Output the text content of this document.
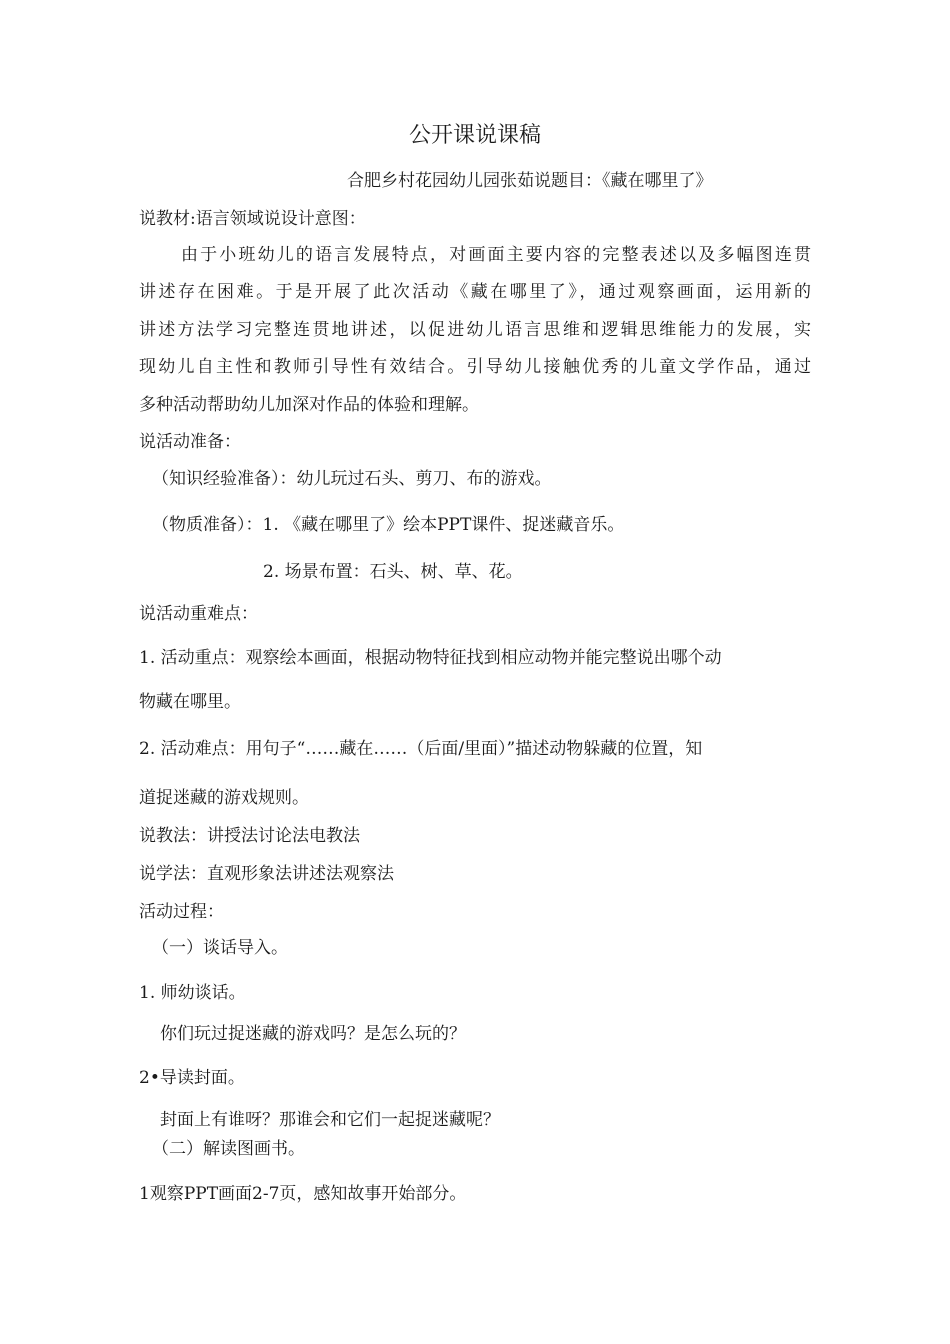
公开课说课稿
合肥乡村花园幼儿园张茹说题目：《藏在哪里了》
说教材:语言领域说设计意图：
由于小班幼儿的语言发展特点，对画面主要内容的完整表述以及多幅图连贯
讲述存在困难。于是开展了此次活动《藏在哪里了》，通过观察画面，运用新的
讲述方法学习完整连贯地讲述，以促进幼儿语言思维和逻辑思维能力的发展，实
现幼儿自主性和教师引导性有效结合。引导幼儿接触优秀的儿童文学作品，通过
多种活动帮助幼儿加深对作品的体验和理解。
说活动准备：
（知识经验准备）：幼儿玩过石头、剪刀、布的游戏。
（物质准备）：1. 《藏在哪里了》绘本PPT课件、捉迷藏音乐。
2. 场景布置：石头、树、草、花。
说活动重难点：
1. 活动重点：观察绘本画面，根据动物特征找到相应动物并能完整说出哪个动
物藏在哪里。
2. 活动难点：用句子“……藏在……（后面/里面）”描述动物躲藏的位置，知
道捉迷藏的游戏规则。
说教法：讲授法讨论法电教法
说学法：直观形象法讲述法观察法
活动过程：
（一）谈话导入。
1. 师幼谈话。
你们玩过捉迷藏的游戏吗？是怎么玩的？
2•导读封面。
封面上有谁呀？那谁会和它们一起捉迷藏呢？
（二）解读图画书。
1观察PPT画面2-7页，感知故事开始部分。
